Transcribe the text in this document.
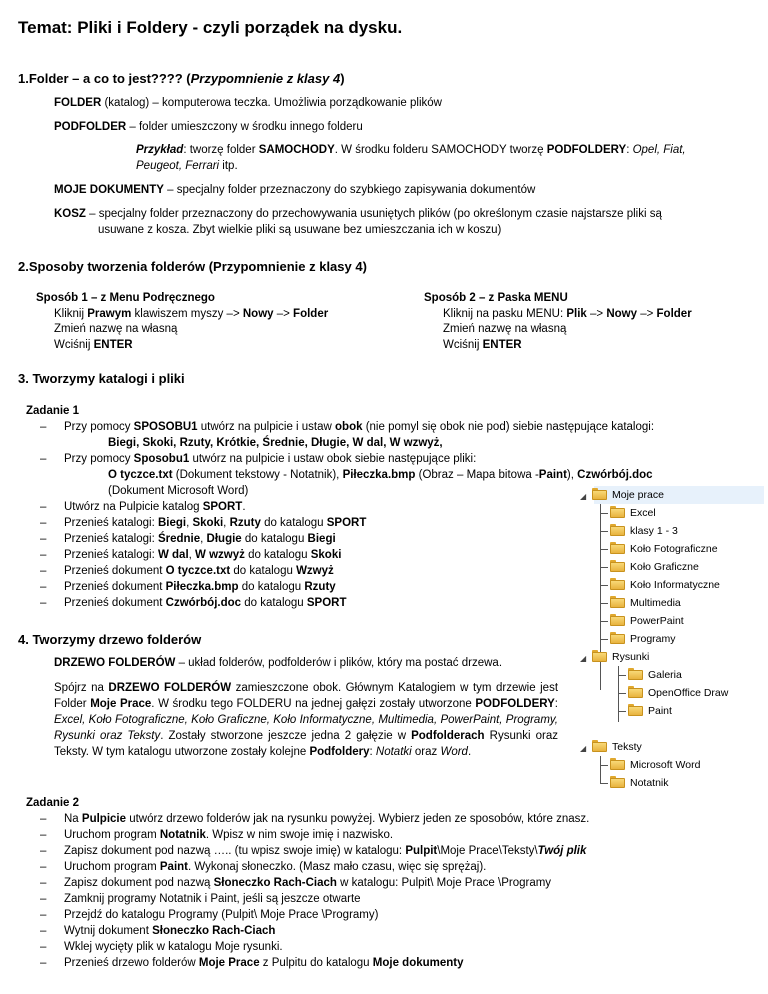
Temat: Pliki i Foldery - czyli porządek na dysku.
1.Folder – a co to jest???? (Przypomnienie z klasy 4)
FOLDER (katalog) – komputerowa teczka. Umożliwia porządkowanie plików
PODFOLDER – folder umieszczony w środku innego folderu
Przykład: tworzę folder SAMOCHODY. W środku folderu SAMOCHODY tworzę PODFOLDERY: Opel, Fiat,
Peugeot, Ferrari itp.
MOJE DOKUMENTY – specjalny folder przeznaczony do szybkiego zapisywania dokumentów
KOSZ – specjalny folder przeznaczony do przechowywania usuniętych plików (po określonym czasie najstarsze pliki są
usuwane z kosza. Zbyt wielkie pliki są usuwane bez umieszczania ich w koszu)
2.Sposoby tworzenia folderów (Przypomnienie z klasy 4)
Sposób 1 – z Menu Podręcznego
Kliknij Prawym klawiszem myszy –> Nowy –> Folder
Zmień nazwę na własną
Wciśnij ENTER
Sposób 2 – z Paska MENU
Kliknij na pasku MENU: Plik –> Nowy –> Folder
Zmień nazwę na własną
Wciśnij ENTER
3. Tworzymy katalogi i pliki
Zadanie 1
– Przy pomocy SPOSOBU1 utwórz na pulpicie i ustaw obok (nie pomyl się obok nie pod) siebie następujące katalogi:
Biegi, Skoki, Rzuty, Krótkie, Średnie, Długie, W dal, W wzwyż,
– Przy pomocy Sposobu1 utwórz na pulpicie i ustaw obok siebie następujące pliki:
O tyczce.txt (Dokument tekstowy - Notatnik), Piłeczka.bmp (Obraz – Mapa bitowa -Paint), Czwórbój.doc
(Dokument Microsoft Word)
– Utwórz na Pulpicie katalog SPORT.
– Przenieś katalogi: Biegi, Skoki, Rzuty do katalogu SPORT
– Przenieś katalogi: Średnie, Długie do katalogu Biegi
– Przenieś katalogi: W dal, W wzwyż do katalogu Skoki
– Przenieś dokument O tyczce.txt do katalogu Wzwyż
– Przenieś dokument Piłeczka.bmp do katalogu Rzuty
– Przenieś dokument Czwórbój.doc do katalogu SPORT
4. Tworzymy drzewo folderów
DRZEWO FOLDERÓW – układ folderów, podfolderów i plików, który ma postać drzewa.
Spójrz na DRZEWO FOLDERÓW zamieszczone obok. Głównym Katalogiem w tym drzewie jest Folder Moje Prace. W środku tego FOLDERU na jednej gałęzi zostały utworzone PODFOLDERY: Excel, Koło Fotograficzne, Koło Graficzne, Koło Informatyczne, Multimedia, PowerPaint, Programy, Rysunki oraz Teksty. Zostały stworzone jeszcze jedna 2 gałęzie w Podfolderach Rysunki oraz Teksty. W tym katalogu utworzone zostały kolejne Podfoldery: Notatki oraz Word.
◢ Moje prace
Excel
klasy 1 - 3
Koło Fotograficzne
Koło Graficzne
Koło Informatyczne
Multimedia
PowerPaint
Programy
◢ Rysunki
Galeria
OpenOffice Draw
Paint
◢ Teksty
Microsoft Word
Notatnik
Zadanie 2
– Na Pulpicie utwórz drzewo folderów jak na rysunku powyżej. Wybierz jeden ze sposobów, które znasz.
– Uruchom program Notatnik. Wpisz w nim swoje imię i nazwisko.
– Zapisz dokument pod nazwą ….. (tu wpisz swoje imię) w katalogu: Pulpit\Moje Prace\Teksty\Twój plik
– Uruchom program Paint. Wykonaj słoneczko. (Masz mało czasu, więc się sprężaj).
– Zapisz dokument pod nazwą Słoneczko Rach-Ciach w katalogu: Pulpit\ Moje Prace \Programy
– Zamknij programy Notatnik i Paint, jeśli są jeszcze otwarte
– Przejdź do katalogu Programy (Pulpit\ Moje Prace \Programy)
– Wytnij dokument Słoneczko Rach-Ciach
– Wklej wycięty plik w katalogu Moje rysunki.
– Przenieś drzewo folderów Moje Prace z Pulpitu do katalogu Moje dokumenty
